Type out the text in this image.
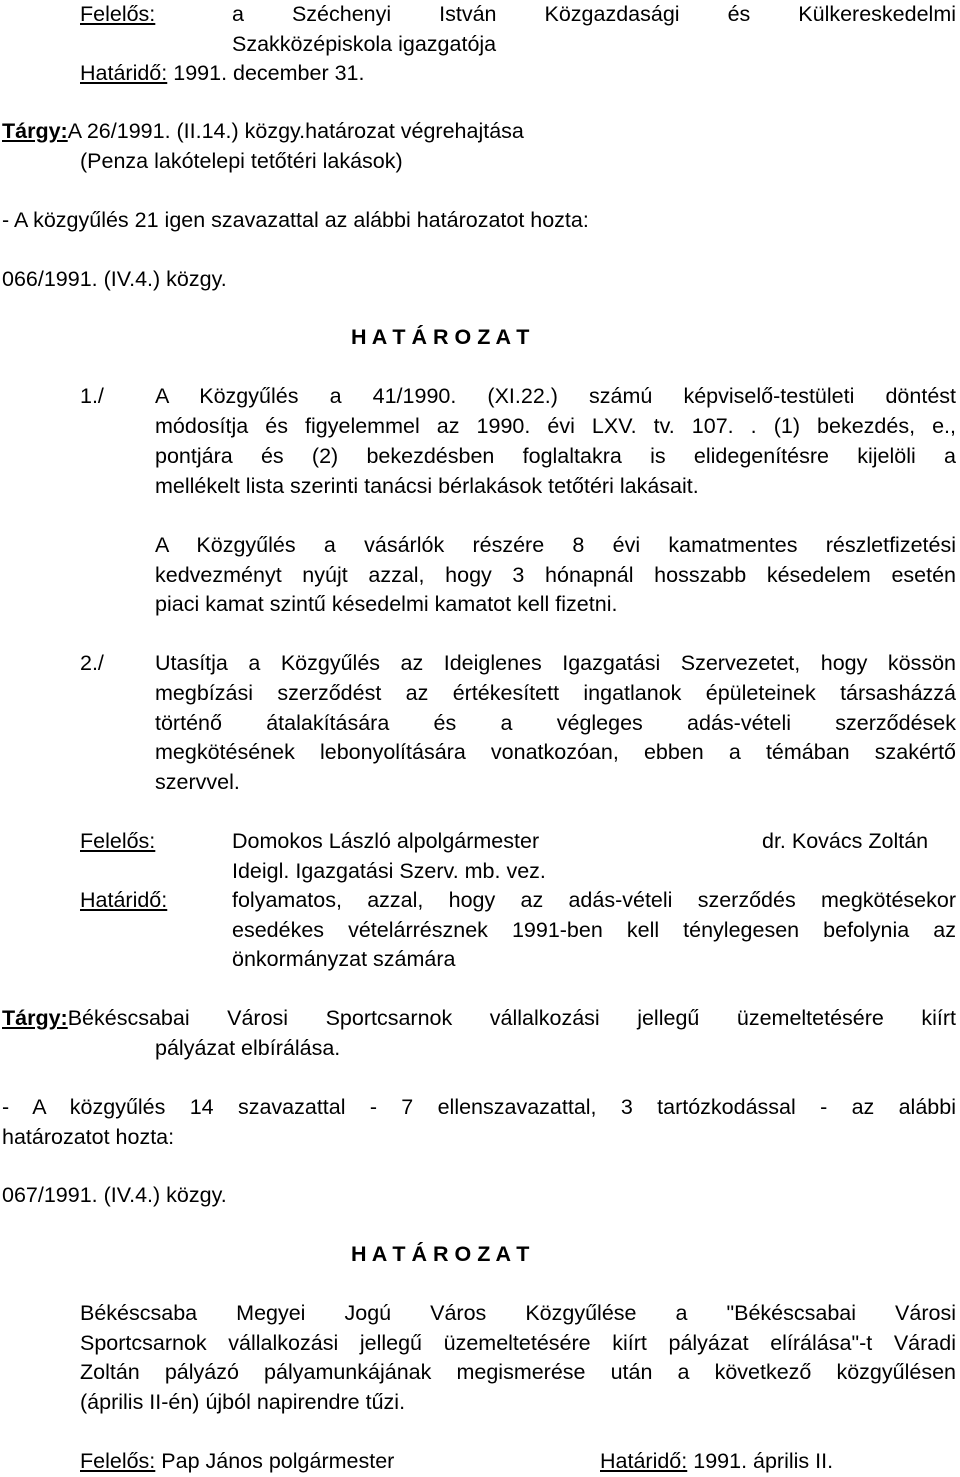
Felelős:	a Széchenyi István Közgazdasági és Külkereskedelmi
Szakközépiskola igazgatója
Határidő: 1991. december 31.
Tárgy:A 26/1991. (II.14.) közgy.határozat végrehajtása
(Penza lakótelepi tetőtéri lakások)
- A közgyűlés 21 igen szavazattal az alábbi határozatot hozta:
066/1991. (IV.4.) közgy.
H A T Á R O Z A T
1./ A Közgyűlés a 41/1990. (XI.22.) számú képviselő-testületi döntést
módosítja és figyelemmel az 1990. évi LXV. tv. 107. . (1) bekezdés, e.,
pontjára és (2) bekezdésben foglaltakra is elidegenítésre kijelöli a
mellékelt lista szerinti tanácsi bérlakások tetőtéri lakásait.
A Közgyűlés a vásárlók részére 8 évi kamatmentes részletfizetési
kedvezményt nyújt azzal, hogy 3 hónapnál hosszabb késedelem esetén
piaci kamat szintű késedelmi kamatot kell fizetni.
2./ Utasítja a Közgyűlés az Ideiglenes Igazgatási Szervezetet, hogy kössön
megbízási szerződést az értékesített ingatlanok épületeinek társasházzá
történő átalakítására és a végleges adás-vételi szerződések
megkötésének lebonyolítására vonatkozóan, ebben a témában szakértő
szervvel.
Felelős:	Domokos László alpolgármester	dr. Kovács Zoltán
Ideigl. Igazgatási Szerv. mb. vez.
Határidő:	folyamatos, azzal, hogy az adás-vételi szerződés megkötésekor
esedékes vételárrésznek 1991-ben kell ténylegesen befolynia az
önkormányzat számára
Tárgy: Békéscsabai Városi Sportcsarnok vállalkozási jellegű üzemeltetésére kiírt
pályázat elbírálása.
- A közgyűlés 14 szavazattal - 7 ellenszavazattal, 3 tartózkodással - az alábbi
határozatot hozta:
067/1991. (IV.4.) közgy.
H A T Á R O Z A T
Békéscsaba Megyei Jogú Város Közgyűlése a "Békéscsabai Városi
Sportcsarnok vállalkozási jellegű üzemeltetésére kiírt pályázat elírálása"-t Váradi
Zoltán pályázó pályamunkájának megismerése után a következő közgyűlésen
(április II-én) újból napirendre tűzi.
Felelős: Pap János polgármester	Határidő: 1991. április II.
